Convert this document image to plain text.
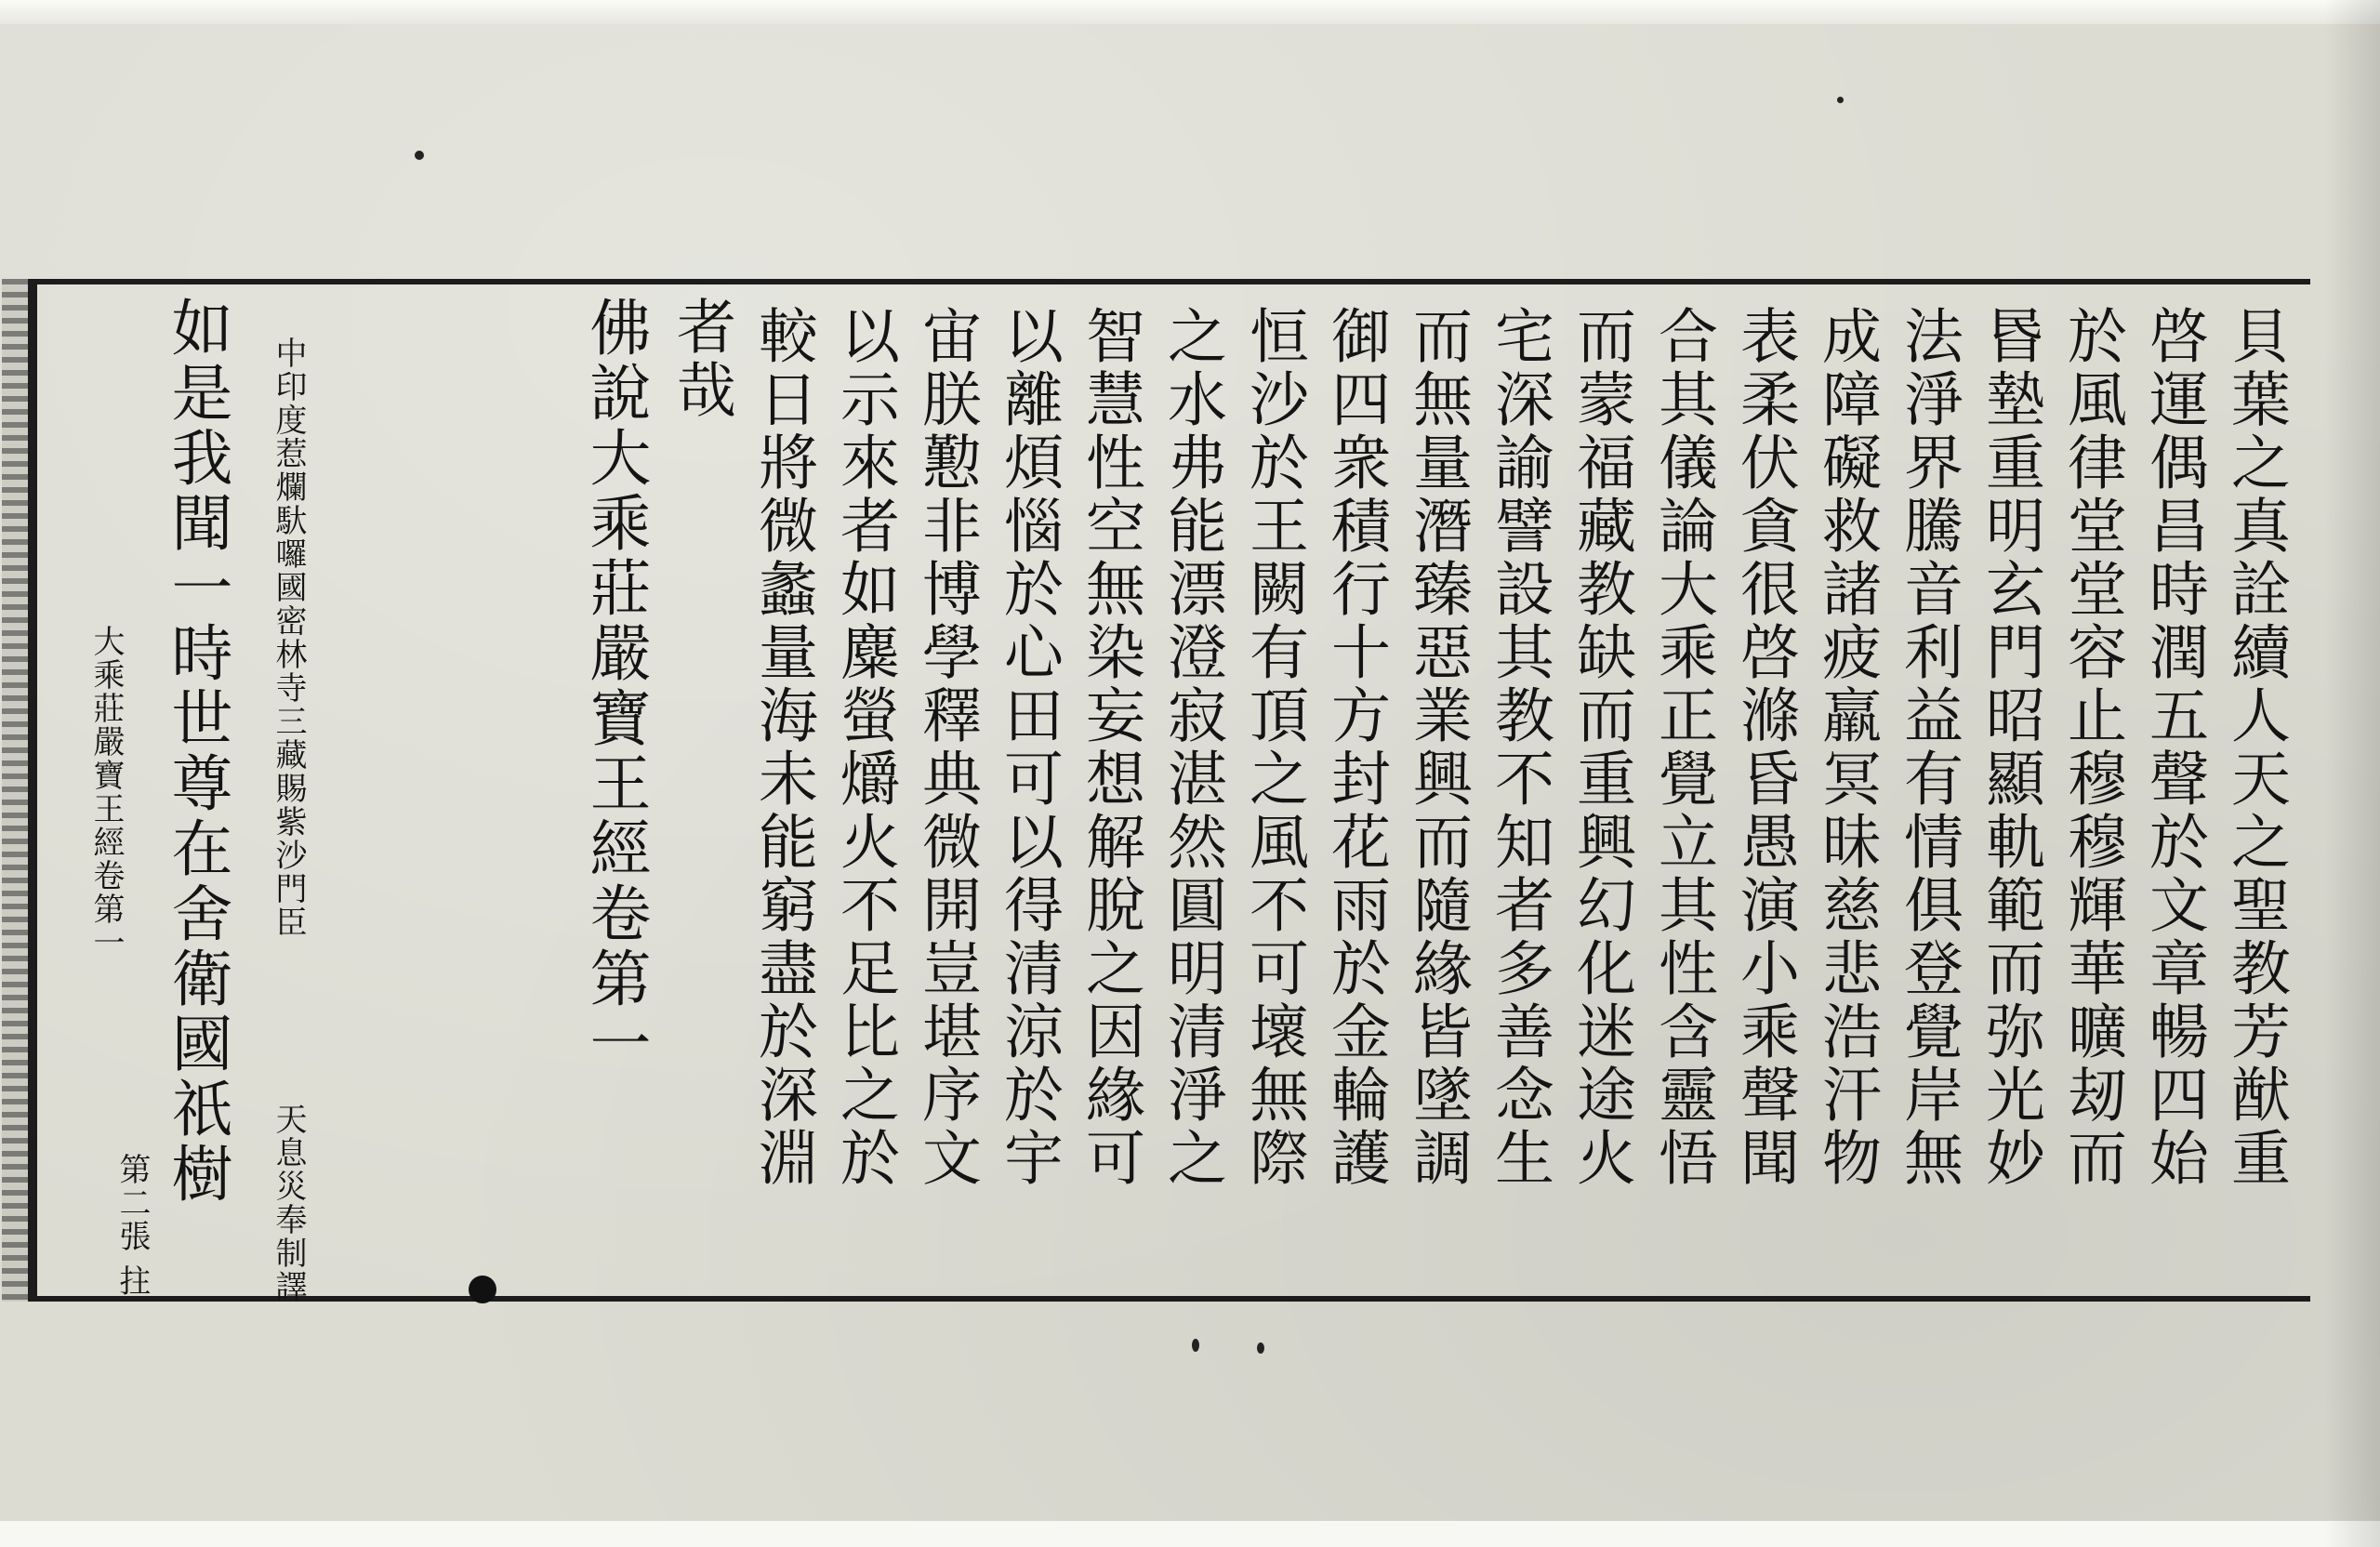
貝葉之真詮續人天之聖教芳猷重
啓運偶昌時潤五聲於文章暢四始
於風律堂堂容止穆穆輝華曠刼而
昬墊重明玄門昭顯軌範而弥光妙
法淨界騰音利益有情俱登覺岸無
成障礙救諸疲羸冥昧慈悲浩汗物
表柔伏貪很啓滌昏愚演小乘聲聞
合其儀論大乘正覺立其性含靈悟
而蒙福藏教缺而重興幻化迷途火
宅深諭譬設其教不知者多善念生
而無量潛臻惡業興而隨緣皆墜調
御四衆積行十方封花雨於金輪護
恒沙於王闕有頂之風不可壞無際
之水弗能漂澄寂湛然圓明清淨之
智慧性空無染妄想解脫之因緣可
以離煩惱於心田可以得清涼於宇
宙朕懃非博學釋典微開豈堪序文
以示來者如麋螢爝火不足比之於
較日將微蠡量海未能窮盡於深淵
者哉
佛說大乘莊嚴寶王經卷第一
中印度惹爛馱囉國密林寺三藏賜紫沙門臣
天息災奉制譯
如是我聞一時世尊在舍衛國祇樹
大乘莊嚴寶王經卷第一
第二張
拄
